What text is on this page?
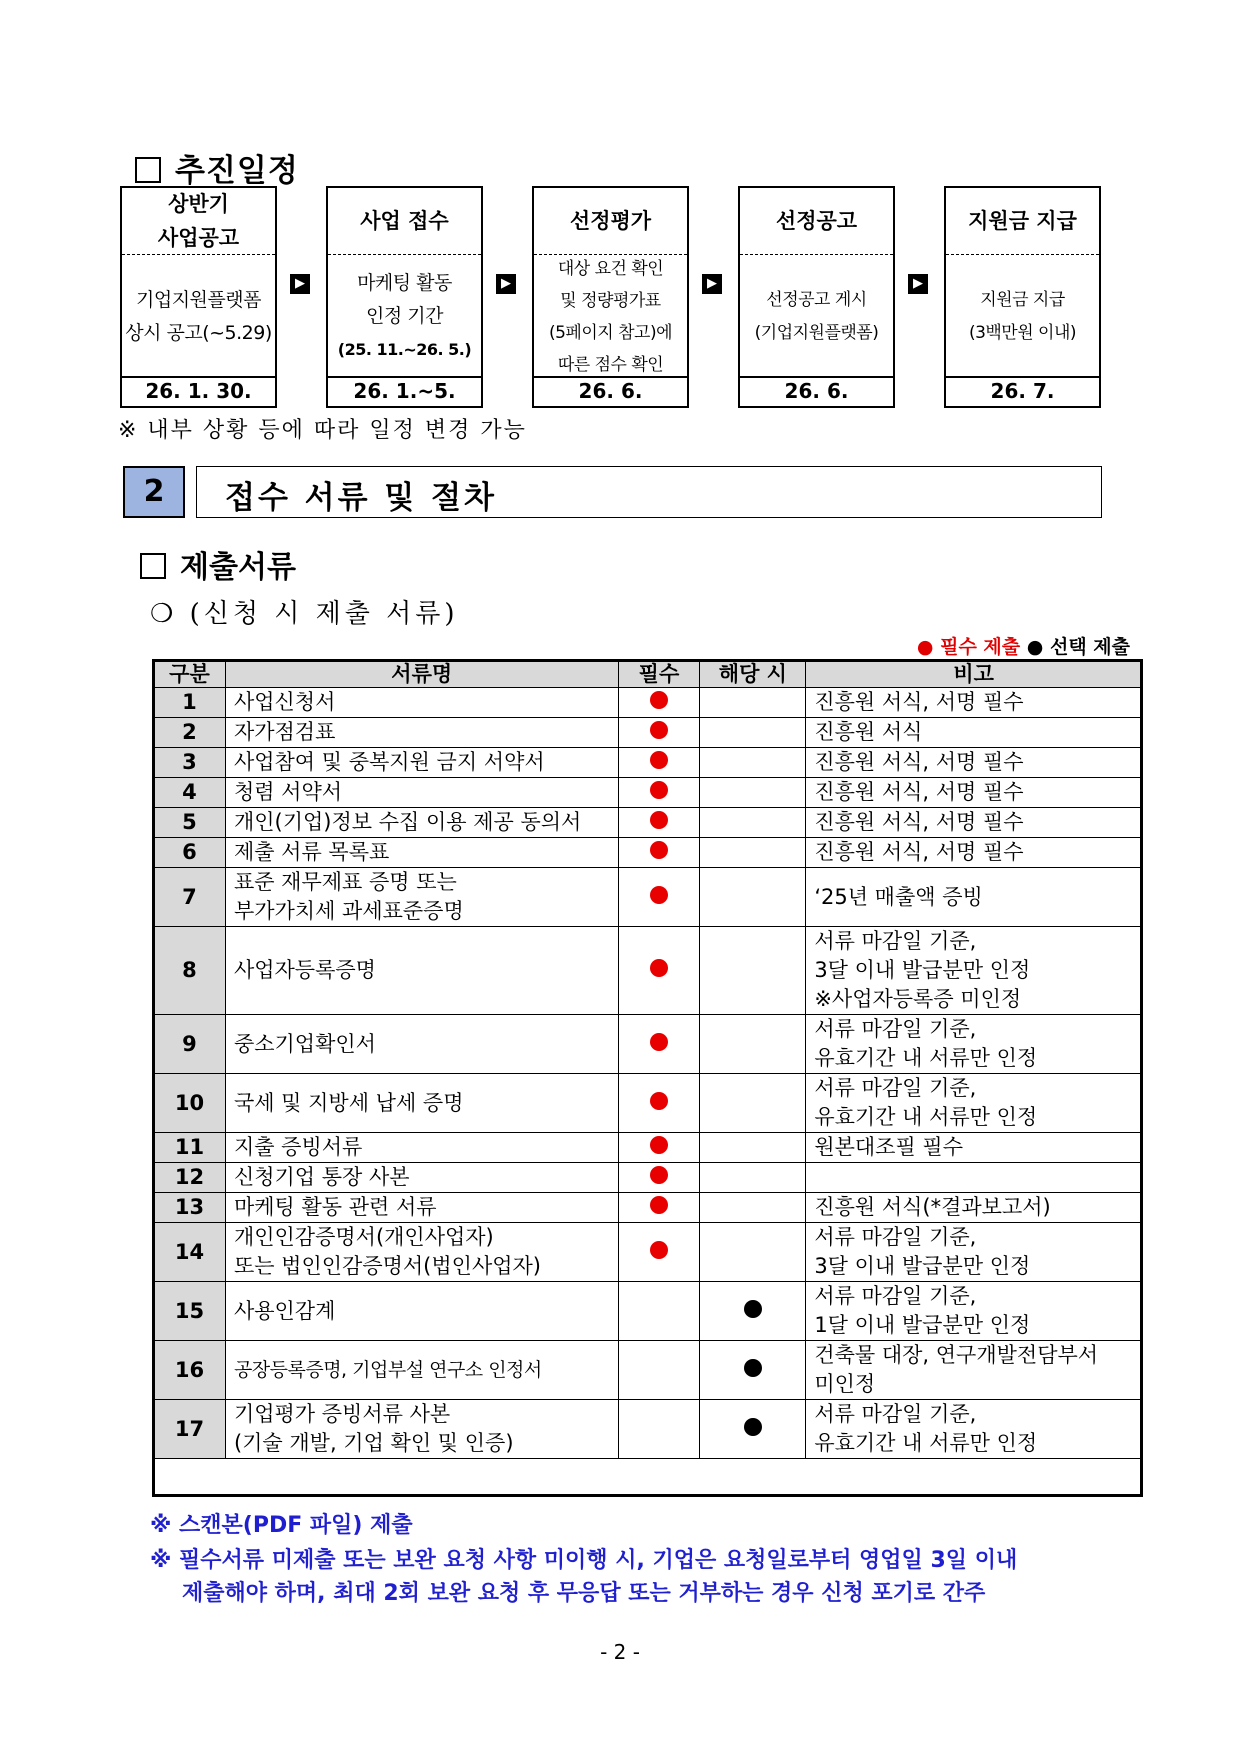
추진일정
상반기
사업공고
기업지원플랫폼
상시 공고(~5.29)
26. 1. 30.
▶
사업 접수
마케팅 활동
인정 기간
(25. 11.~26. 5.)
26. 1.~5.
▶
선정평가
대상 요건 확인
및 정량평가표
(5페이지 참고)에
따른 점수 확인
26. 6.
▶
선정공고
선정공고 게시
(기업지원플랫폼)
26. 6.
▶
지원금 지급
지원금 지급
(3백만원 이내)
26. 7.
※ 내부 상황 등에 따라 일정 변경 가능
2	접수 서류 및 절차
제출서류
❍ (신청 시 제출 서류)
● 필수 제출 ● 선택 제출
구분	서류명	필수	해당 시	비고
1	사업신청서			진흥원 서식, 서명 필수
2	자가점검표			진흥원 서식
3	사업참여 및 중복지원 금지 서약서			진흥원 서식, 서명 필수
4	청렴 서약서			진흥원 서식, 서명 필수
5	개인(기업)정보 수집 이용 제공 동의서			진흥원 서식, 서명 필수
6	제출 서류 목록표			진흥원 서식, 서명 필수
7	표준 재무제표 증명 또는
부가가치세 과세표준증명			‘25년 매출액 증빙
8	사업자등록증명			서류 마감일 기준,
3달 이내 발급분만 인정
※사업자등록증 미인정
9	중소기업확인서			서류 마감일 기준,
유효기간 내 서류만 인정
10	국세 및 지방세 납세 증명			서류 마감일 기준,
유효기간 내 서류만 인정
11	지출 증빙서류			원본대조필 필수
12	신청기업 통장 사본			
13	마케팅 활동 관련 서류			진흥원 서식(*결과보고서)
14	개인인감증명서(개인사업자)
또는 법인인감증명서(법인사업자)			서류 마감일 기준,
3달 이내 발급분만 인정
15	사용인감계			서류 마감일 기준,
1달 이내 발급분만 인정
16	공장등록증명, 기업부설 연구소 인정서			건축물 대장, 연구개발전담부서
미인정
17	기업평가 증빙서류 사본
(기술 개발, 기업 확인 및 인증)			서류 마감일 기준,
유효기간 내 서류만 인정
※ 스캔본(PDF 파일) 제출
※ 필수서류 미제출 또는 보완 요청 사항 미이행 시, 기업은 요청일로부터 영업일 3일 이내
제출해야 하며, 최대 2회 보완 요청 후 무응답 또는 거부하는 경우 신청 포기로 간주
- 2 -
